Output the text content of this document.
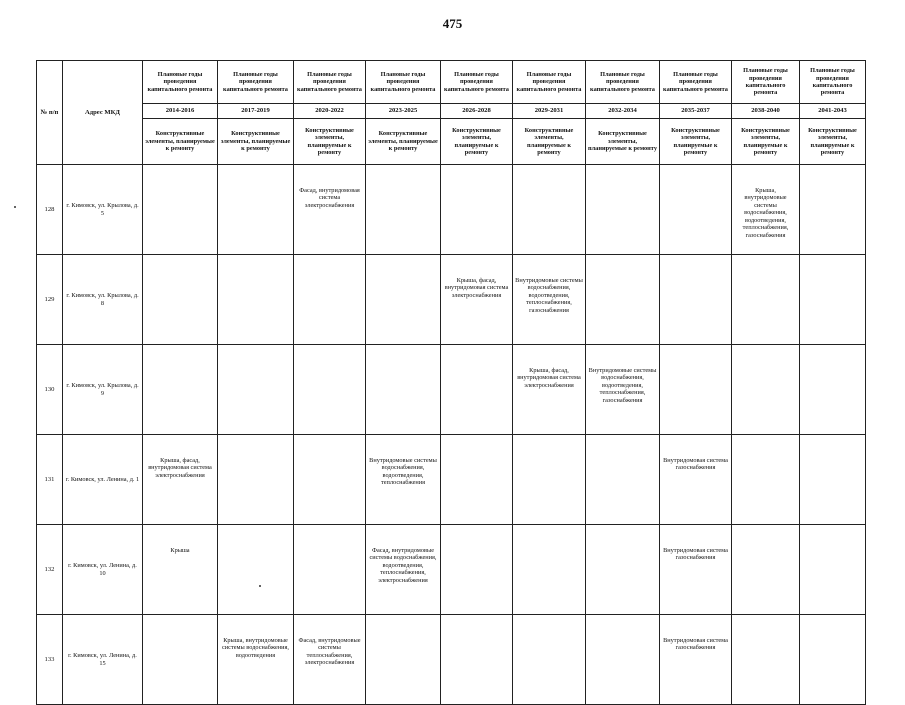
475
№ п/п	Адрес МКД	Плановые годы проведения капитального ремонта	Плановые годы проведения капитального ремонта	Плановые годы проведения капитального ремонта	Плановые годы проведения капитального ремонта	Плановые годы проведения капитального ремонта	Плановые годы проведения капитального ремонта	Плановые годы проведения капитального ремонта	Плановые годы проведения капитального ремонта	Плановые годы проведения капитального ремонта	Плановые годы проведения капитального ремонта
		2014-2016	2017-2019	2020-2022	2023-2025	2026-2028	2029-2031	2032-2034	2035-2037	2038-2040	2041-2043
		Конструктивные элементы, планируемые к ремонту	Конструктивные элементы, планируемые к ремонту	Конструктивные элементы, планируемые к ремонту	Конструктивные элементы, планируемые к ремонту	Конструктивные элементы, планируемые к ремонту	Конструктивные элементы, планируемые к ремонту	Конструктивные элементы, планируемые к ремонту	Конструктивные элементы, планируемые к ремонту	Конструктивные элементы, планируемые к ремонту	Конструктивные элементы, планируемые к ремонту
128	г. Кимовск, ул. Крылова, д. 5			Фасад, внутридомовая система электроснабжения						Крыша, внутридомовые системы водоснабжения, водоотведения, теплоснабжения, газоснабжения	
129	г. Кимовск, ул. Крылова, д. 8					Крыша, фасад, внутридомовая система электроснабжения	Внутридомовые системы водоснабжения, водоотведения, теплоснабжения, газоснабжения				
130	г. Кимовск, ул. Крылова, д. 9						Крыша, фасад, внутридомовая система электроснабжения	Внутридомовые системы водоснабжения, водоотведения, теплоснабжения, газоснабжения			
131	г. Кимовск, ул. Ленина, д. 1	Крыша, фасад, внутридомовая система электроснабжения			Внутридомовые системы водоснабжения, водоотведения, теплоснабжения				Внутридомовая система газоснабжения		
132	г. Кимовск, ул. Ленина, д. 10	Крыша			Фасад, внутридомовые системы водоснабжения, водоотведения, теплоснабжения, электроснабжения				Внутридомовая система газоснабжения		
133	г. Кимовск, ул. Ленина, д. 15		Крыша, внутридомовые системы водоснабжения, водоотведения	Фасад, внутридомовые системы теплоснабжения, электроснабжения					Внутридомовая система газоснабжения		
